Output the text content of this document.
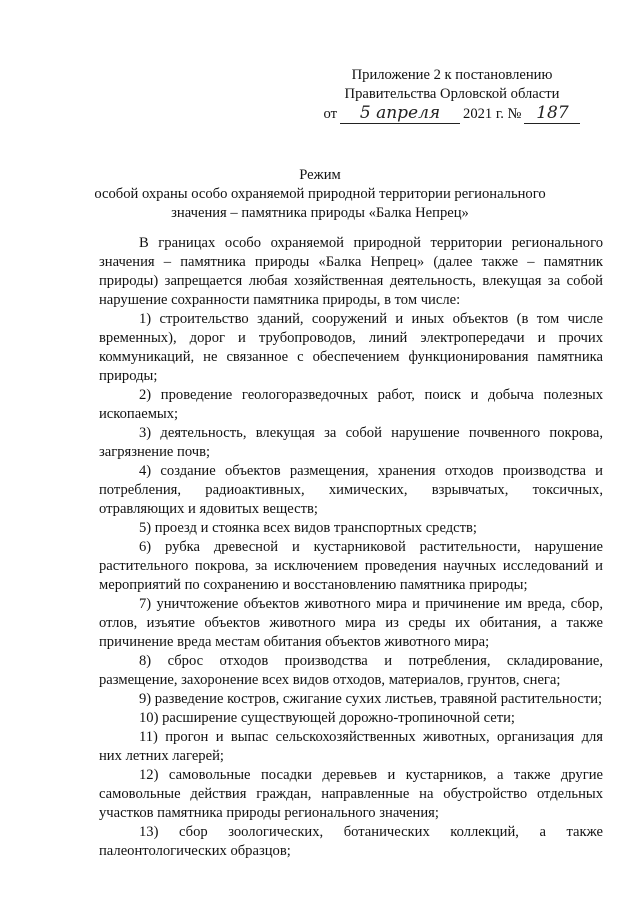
Приложение 2 к постановлению
Правительства Орловской области
от	5 апреля	2021 г. № 187
Режим
особой охраны особо охраняемой природной территории регионального
значения – памятника природы «Балка Непрец»

В границах особо охраняемой природной территории регионального значения – памятника природы «Балка Непрец» (далее также – памятник природы) запрещается любая хозяйственная деятельность, влекущая за собой нарушение сохранности памятника природы, в том числе:

1) строительство зданий, сооружений и иных объектов (в том числе временных), дорог и трубопроводов, линий электропередачи и прочих коммуникаций, не связанное с обеспечением функционирования памятника природы;

2) проведение геологоразведочных работ, поиск и добыча полезных ископаемых;

3) деятельность, влекущая за собой нарушение почвенного покрова, загрязнение почв;

4) создание объектов размещения, хранения отходов производства и потребления, радиоактивных, химических, взрывчатых, токсичных, отравляющих и ядовитых веществ;

5) проезд и стоянка всех видов транспортных средств;

6) рубка древесной и кустарниковой растительности, нарушение растительного покрова, за исключением проведения научных исследований и мероприятий по сохранению и восстановлению памятника природы;

7) уничтожение объектов животного мира и причинение им вреда, сбор, отлов, изъятие объектов животного мира из среды их обитания, а также причинение вреда местам обитания объектов животного мира;

8) сброс отходов производства и потребления, складирование, размещение, захоронение всех видов отходов, материалов, грунтов, снега;

9) разведение костров, сжигание сухих листьев, травяной растительности;

10) расширение существующей дорожно-тропиночной сети;

11) прогон и выпас сельскохозяйственных животных, организация для них летних лагерей;

12) самовольные посадки деревьев и кустарников, а также другие самовольные действия граждан, направленные на обустройство отдельных участков памятника природы регионального значения;

13) сбор зоологических, ботанических коллекций, а также палеонтологических образцов;
